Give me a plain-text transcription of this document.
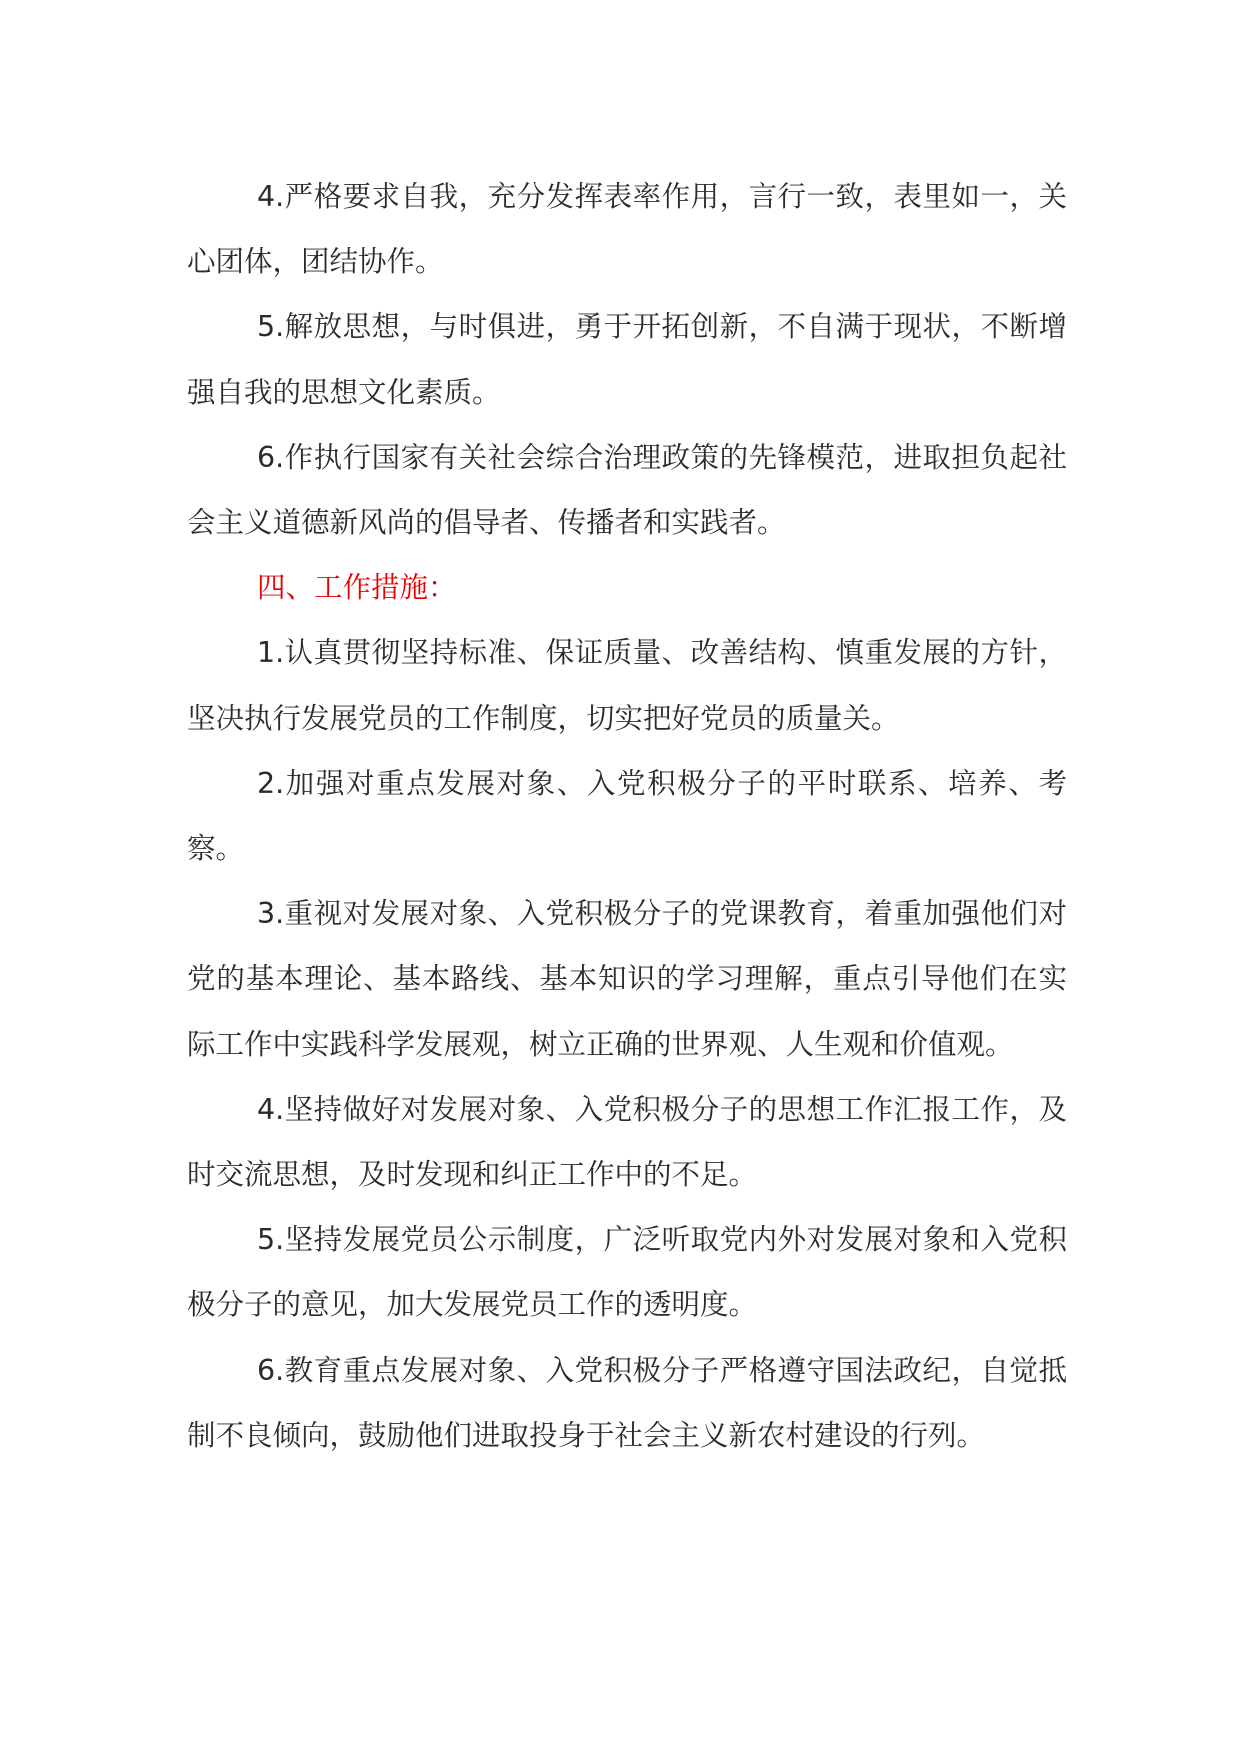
4.严格要求自我，充分发挥表率作用，言行一致，表里如一，关心团体，团结协作。

5.解放思想，与时俱进，勇于开拓创新，不自满于现状，不断增强自我的思想文化素质。

6.作执行国家有关社会综合治理政策的先锋模范，进取担负起社会主义道德新风尚的倡导者、传播者和实践者。

四、工作措施：

1.认真贯彻坚持标准、保证质量、改善结构、慎重发展的方针，坚决执行发展党员的工作制度，切实把好党员的质量关。

2.加强对重点发展对象、入党积极分子的平时联系、培养、考察。

3.重视对发展对象、入党积极分子的党课教育，着重加强他们对党的基本理论、基本路线、基本知识的学习理解，重点引导他们在实际工作中实践科学发展观，树立正确的世界观、人生观和价值观。

4.坚持做好对发展对象、入党积极分子的思想工作汇报工作，及时交流思想，及时发现和纠正工作中的不足。

5.坚持发展党员公示制度，广泛听取党内外对发展对象和入党积极分子的意见，加大发展党员工作的透明度。

6.教育重点发展对象、入党积极分子严格遵守国法政纪，自觉抵制不良倾向，鼓励他们进取投身于社会主义新农村建设的行列。
